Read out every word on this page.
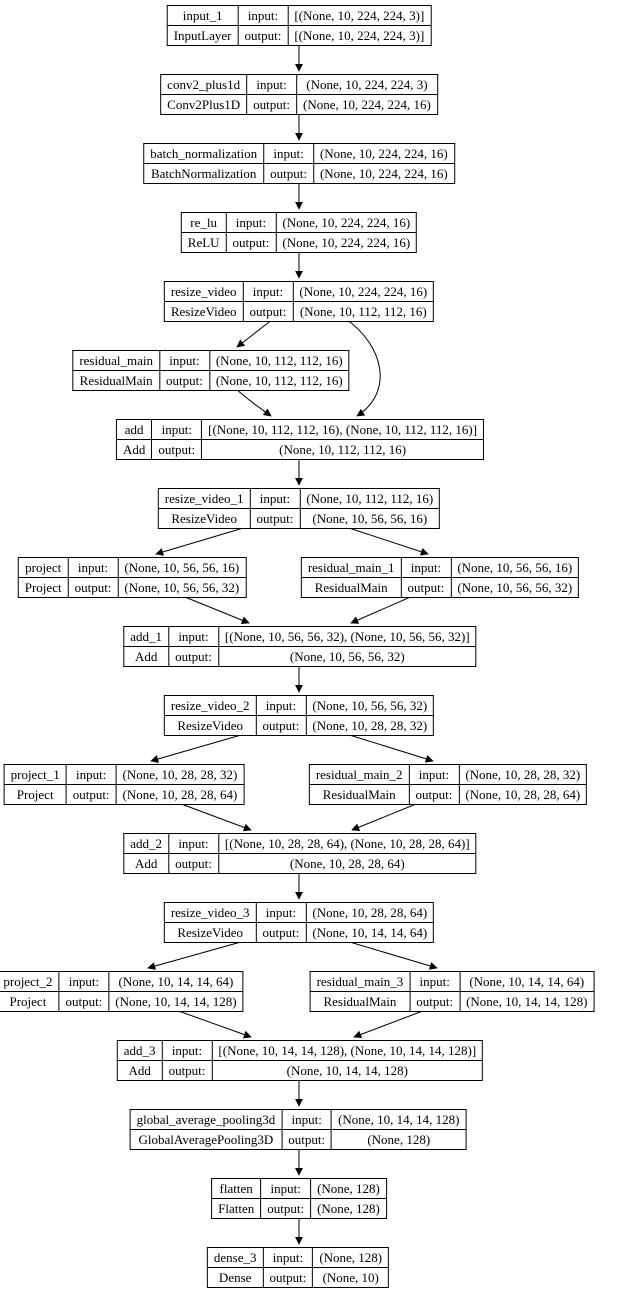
input_1	input:	[(None, 10, 224, 224, 3)]
InputLayer	output:	[(None, 10, 224, 224, 3)]
conv2_plus1d	input:	(None, 10, 224, 224, 3)
Conv2Plus1D	output:	(None, 10, 224, 224, 16)
batch_normalization	input:	(None, 10, 224, 224, 16)
BatchNormalization	output:	(None, 10, 224, 224, 16)
re_lu	input:	(None, 10, 224, 224, 16)
ReLU	output:	(None, 10, 224, 224, 16)
resize_video	input:	(None, 10, 224, 224, 16)
ResizeVideo	output:	(None, 10, 112, 112, 16)
residual_main	input:	(None, 10, 112, 112, 16)
ResidualMain	output:	(None, 10, 112, 112, 16)
add	input:	[(None, 10, 112, 112, 16), (None, 10, 112, 112, 16)]
Add	output:	(None, 10, 112, 112, 16)
resize_video_1	input:	(None, 10, 112, 112, 16)
ResizeVideo	output:	(None, 10, 56, 56, 16)
project	input:	(None, 10, 56, 56, 16)
Project	output:	(None, 10, 56, 56, 32)
residual_main_1	input:	(None, 10, 56, 56, 16)
ResidualMain	output:	(None, 10, 56, 56, 32)
add_1	input:	[(None, 10, 56, 56, 32), (None, 10, 56, 56, 32)]
Add	output:	(None, 10, 56, 56, 32)
resize_video_2	input:	(None, 10, 56, 56, 32)
ResizeVideo	output:	(None, 10, 28, 28, 32)
project_1	input:	(None, 10, 28, 28, 32)
Project	output:	(None, 10, 28, 28, 64)
residual_main_2	input:	(None, 10, 28, 28, 32)
ResidualMain	output:	(None, 10, 28, 28, 64)
add_2	input:	[(None, 10, 28, 28, 64), (None, 10, 28, 28, 64)]
Add	output:	(None, 10, 28, 28, 64)
resize_video_3	input:	(None, 10, 28, 28, 64)
ResizeVideo	output:	(None, 10, 14, 14, 64)
project_2	input:	(None, 10, 14, 14, 64)
Project	output:	(None, 10, 14, 14, 128)
residual_main_3	input:	(None, 10, 14, 14, 64)
ResidualMain	output:	(None, 10, 14, 14, 128)
add_3	input:	[(None, 10, 14, 14, 128), (None, 10, 14, 14, 128)]
Add	output:	(None, 10, 14, 14, 128)
global_average_pooling3d	input:	(None, 10, 14, 14, 128)
GlobalAveragePooling3D	output:	(None, 128)
flatten	input:	(None, 128)
Flatten	output:	(None, 128)
dense_3	input:	(None, 128)
Dense	output:	(None, 10)
